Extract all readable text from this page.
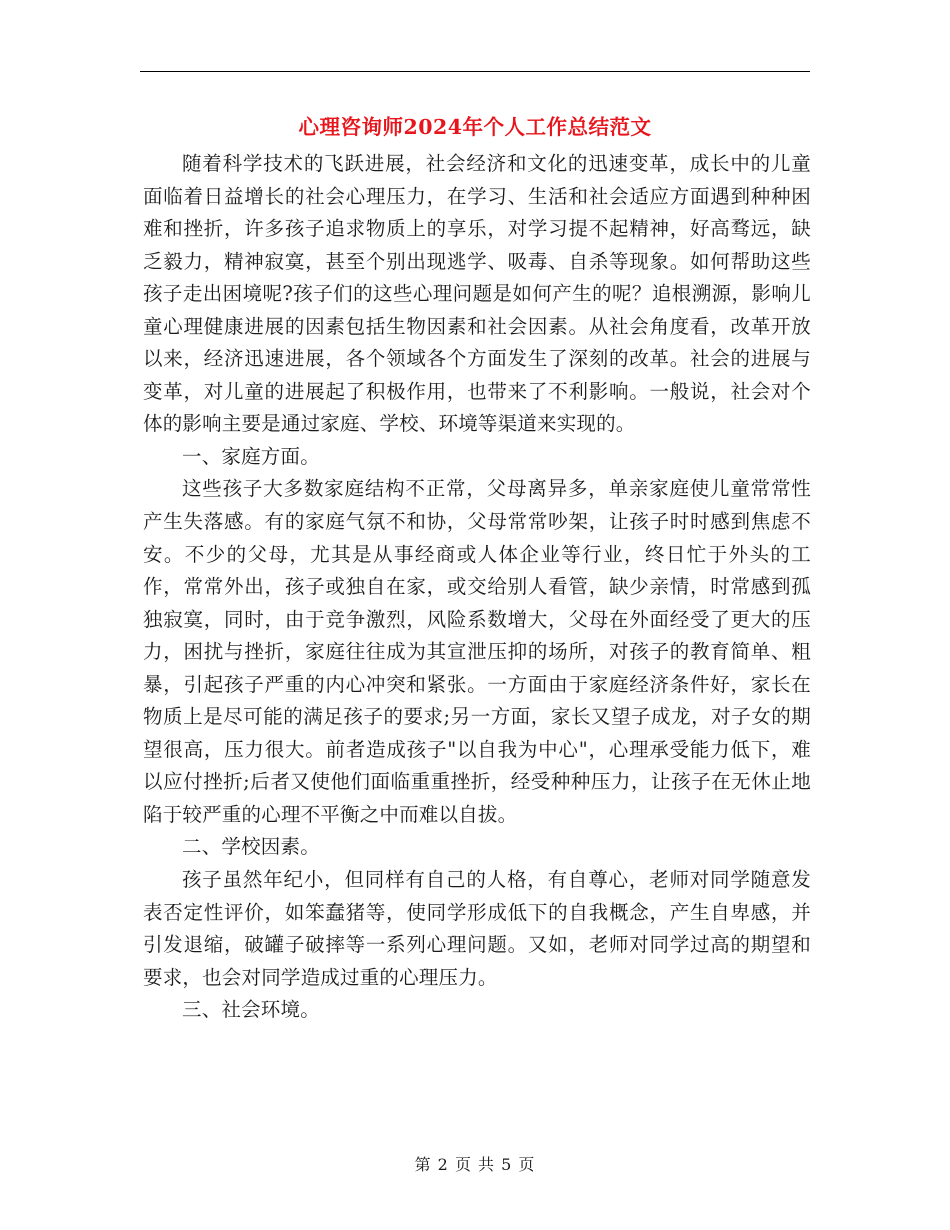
心理咨询师2024年个人工作总结范文

随着科学技术的飞跃进展，社会经济和文化的迅速变革，成长中的儿童面临着日益增长的社会心理压力，在学习、生活和社会适应方面遇到种种困难和挫折，许多孩子追求物质上的享乐，对学习提不起精神，好高骛远，缺乏毅力，精神寂寞，甚至个别出现逃学、吸毒、自杀等现象。如何帮助这些孩子走出困境呢?孩子们的这些心理问题是如何产生的呢？追根溯源，影响儿童心理健康进展的因素包括生物因素和社会因素。从社会角度看，改革开放以来，经济迅速进展，各个领域各个方面发生了深刻的改革。社会的进展与变革，对儿童的进展起了积极作用，也带来了不利影响。一般说，社会对个体的影响主要是通过家庭、学校、环境等渠道来实现的。

一、家庭方面。

这些孩子大多数家庭结构不正常，父母离异多，单亲家庭使儿童常常性产生失落感。有的家庭气氛不和协，父母常常吵架，让孩子时时感到焦虑不安。不少的父母，尤其是从事经商或人体企业等行业，终日忙于外头的工作，常常外出，孩子或独自在家，或交给别人看管，缺少亲情，时常感到孤独寂寞，同时，由于竞争激烈，风险系数增大，父母在外面经受了更大的压力，困扰与挫折，家庭往往成为其宣泄压抑的场所，对孩子的教育简单、粗暴，引起孩子严重的内心冲突和紧张。一方面由于家庭经济条件好，家长在物质上是尽可能的满足孩子的要求;另一方面，家长又望子成龙，对子女的期望很高，压力很大。前者造成孩子"以自我为中心"，心理承受能力低下，难以应付挫折;后者又使他们面临重重挫折，经受种种压力，让孩子在无休止地陷于较严重的心理不平衡之中而难以自拔。

二、学校因素。

孩子虽然年纪小，但同样有自己的人格，有自尊心，老师对同学随意发表否定性评价，如笨蠢猪等，使同学形成低下的自我概念，产生自卑感，并引发退缩，破罐子破摔等一系列心理问题。又如，老师对同学过高的期望和要求，也会对同学造成过重的心理压力。

三、社会环境。

第 2 页 共 5 页
